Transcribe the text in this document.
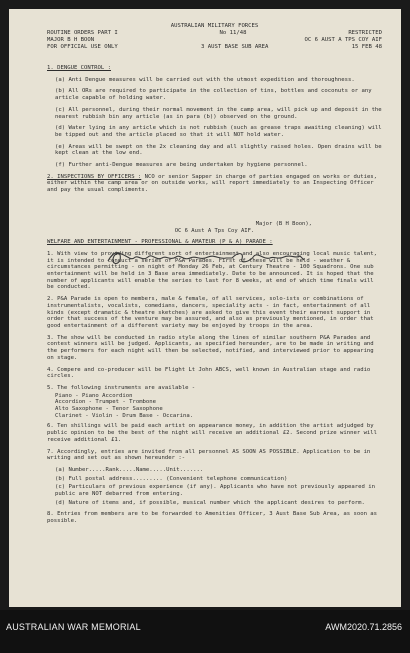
AUSTRALIAN MILITARY FORCES
ROUTINE ORDERS PART I	No 11/48	RESTRICTED
MAJOR B H BOON	OC 6 AUST A TPS COY AIF
FOR OFFICIAL USE ONLY	3 AUST BASE SUB AREA	15 FEB 48

1. DENGUE CONTROL :

(a) Anti Dengue measures will be carried out with the utmost expedition and thoroughness.

(b) All ORs are required to participate in the collection of tins, bottles and coconuts or any article capable of holding water.

(c) All personnel, during their normal movement in the camp area, will pick up and deposit in the nearest rubbish bin any article (as in para (b)) observed on the ground.

(d) Water lying in any article which is not rubbish (such as grease traps awaiting cleaning) will be tipped out and the article placed so that it will NOT hold water.

(e) Areas will be swept on the 2x cleaning day and all slightly raised holes. Open drains will be kept clean at the low end.

(f) Further anti-Dengue measures are being undertaken by hygiene personnel.

2. INSPECTIONS BY OFFICERS : NCO or senior Sapper in charge of parties engaged on works or duties, either within the camp area or on outside works, will report immediately to an Inspecting Officer and pay the usual compliments.

Major (B H Boon),
OC 6 Aust A Tps Coy AIF.

WELFARE AND ENTERTAINMENT - PROFESSIONAL & AMATEUR (P & A) PARADE :

1. With view to providing different sort of entertainment and also encouraging local music talent, it is intended to conduct a series of P&A Parades. First of these will be held - weather & circumstances permitting - on night of Monday 26 Feb, at Century Theatre - 100 Squadrons. One sub entertainment will be held in 3 Base area immediately. Date to be announced. It is hoped that the number of applicants will enable the series to last for 8 weeks, at end of which time finals will be conducted.

2. P&A Parade is open to members, male & female, of all services, solo-ists or combinations of instrumentalists, vocalists, comedians, dancers, speciality acts - in fact, entertainment of all kinds (except dramatic & theatre sketches) are asked to give this event their earnest support in order that success of the venture may be assured, and also as previously mentioned, in order that good entertainment of a different variety may be enjoyed by troops in the area.

3. The show will be conducted in radio style along the lines of similar southern P&A Parades and contest winners will be judged. Applicants, as specified hereunder, are to be made in writing and the performers for each night will then be selected, notified, and interviewed prior to appearing on stage.

4. Compere and co-producer will be Flight Lt John ABCS, well known in Australian stage and radio circles.

5. The following instruments are available -

Piano - Piano Accordion
Accordion - Trumpet - Trombone
Alto Saxophone - Tenor Saxophone
Clarinet - Violin - Drum Base - Occarina.

6. Ten shillings will be paid each artist on appearance money, in addition the artist adjudged by public opinion to be the best of the night will receive an additional £2. Second prize winner will receive additional £1.

7. Accordingly, entries are invited from all personnel AS SOON AS POSSIBLE. Application to be in writing and set out as shown hereunder :-

(a) Number.....Rank.....Name.....Unit.......

(b) Full postal address......... (Convenient telephone communication)

(c) Particulars of previous experience (if any). Applicants who have not previously appeared in public are NOT debarred from entering.

(d) Nature of items and, if possible, musical number which the applicant desires to perform.

8. Entries from members are to be forwarded to Amenities Officer, 3 Aust Base Sub Area, as soon as possible.

AUSTRALIAN WAR MEMORIAL	AWM2020.71.2856
